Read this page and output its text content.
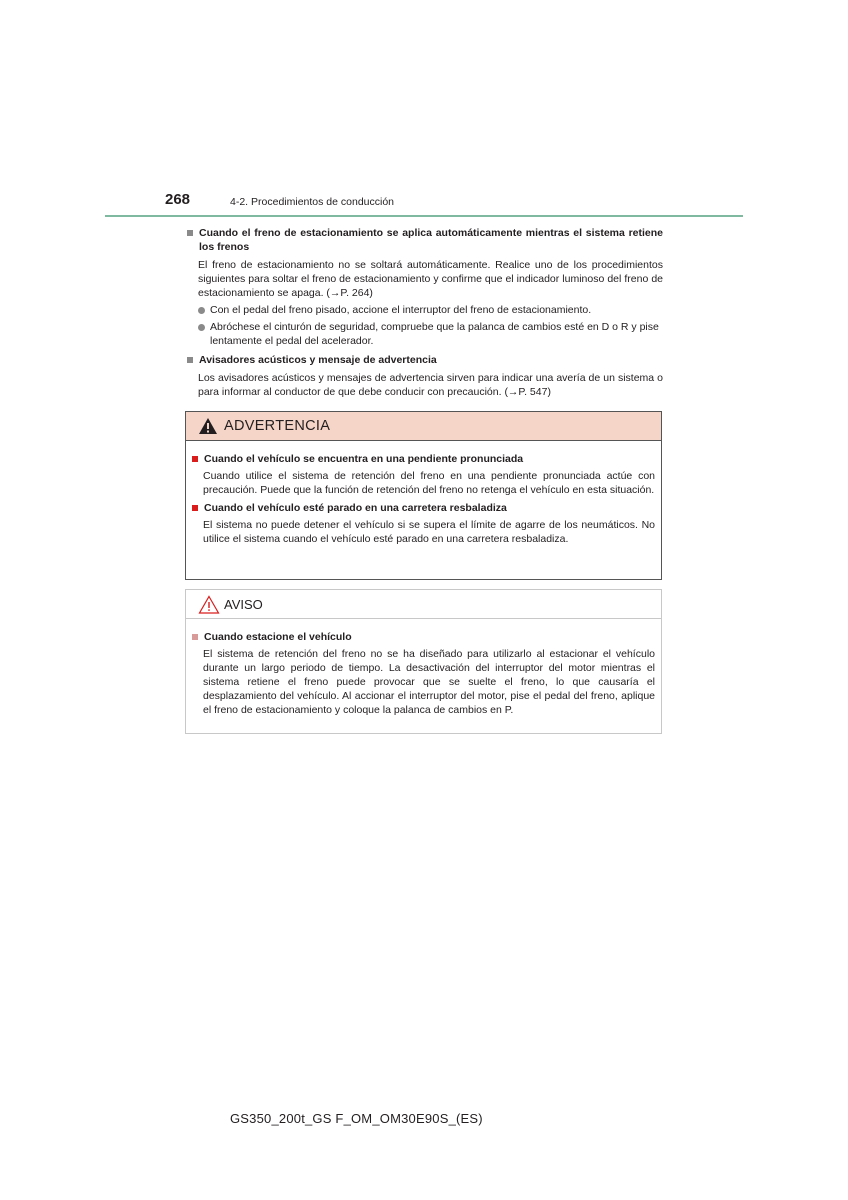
268	4-2. Procedimientos de conducción
Cuando el freno de estacionamiento se aplica automáticamente mientras el sistema retiene los frenos
El freno de estacionamiento no se soltará automáticamente. Realice uno de los procedimientos siguientes para soltar el freno de estacionamiento y confirme que el indicador luminoso del freno de estacionamiento se apaga. (→P. 264)
Con el pedal del freno pisado, accione el interruptor del freno de estacionamiento.
Abróchese el cinturón de seguridad, compruebe que la palanca de cambios esté en D o R y pise lentamente el pedal del acelerador.
Avisadores acústicos y mensaje de advertencia
Los avisadores acústicos y mensajes de advertencia sirven para indicar una avería de un sistema o para informar al conductor de que debe conducir con precaución. (→P. 547)
ADVERTENCIA
Cuando el vehículo se encuentra en una pendiente pronunciada
Cuando utilice el sistema de retención del freno en una pendiente pronunciada actúe con precaución. Puede que la función de retención del freno no retenga el vehículo en esta situación.
Cuando el vehículo esté parado en una carretera resbaladiza
El sistema no puede detener el vehículo si se supera el límite de agarre de los neumáticos. No utilice el sistema cuando el vehículo esté parado en una carretera resbaladiza.
AVISO
Cuando estacione el vehículo
El sistema de retención del freno no se ha diseñado para utilizarlo al estacionar el vehículo durante un largo periodo de tiempo. La desactivación del interruptor del motor mientras el sistema retiene el freno puede provocar que se suelte el freno, lo que causaría el desplazamiento del vehículo. Al accionar el interruptor del motor, pise el pedal del freno, aplique el freno de estacionamiento y coloque la palanca de cambios en P.
GS350_200t_GS F_OM_OM30E90S_(ES)
